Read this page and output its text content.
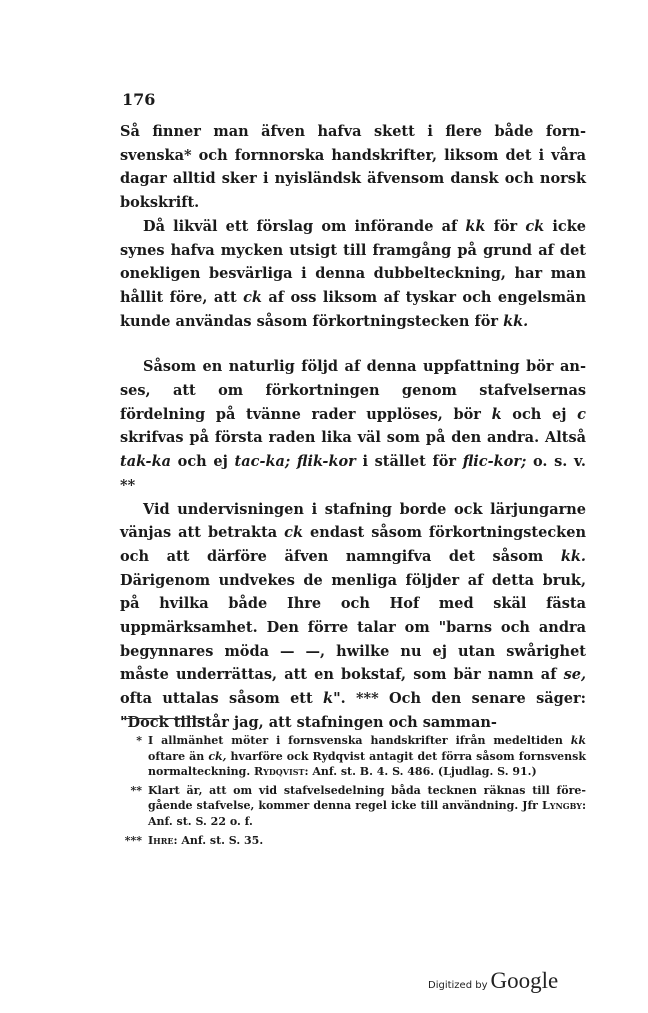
176

Så finner man äfven hafva skett i flere både forn-svenska* och fornnorska handskrifter, liksom det i våra dagar alltid sker i nyisländsk äfvensom dansk och norsk bokskrift.

Då likväl ett förslag om införande af kk för ck icke synes hafva mycken utsigt till framgång på grund af det onekligen besvärliga i denna dubbelteckning, har man hållit före, att ck af oss liksom af tyskar och engelsmän kunde användas såsom förkortningstecken för kk.

Såsom en naturlig följd af denna uppfattning bör an-ses, att om förkortningen genom stafvelsernas fördelning på tvänne rader upplöses, bör k och ej c skrifvas på första raden lika väl som på den andra. Altså tak-ka och ej tac-ka; flik-kor i stället för flic-kor; o. s. v. **

Vid undervisningen i stafning borde ock lärjungarne vänjas att betrakta ck endast såsom förkortningstecken och att därföre äfven namngifva det såsom kk. Därigenom undvekes de menliga följder af detta bruk, på hvilka både Ihre och Hof med skäl fästa uppmärksamhet. Den förre talar om "barns och andra begynnares möda — —, hwilke nu ej utan swårighet måste underrättas, att en bokstaf, som bär namn af se, ofta uttalas såsom ett k". *** Och den senare säger: "Dock tillstår jag, att stafningen och samman-

* I allmänhet möter i fornsvenska handskrifter ifrån medeltiden kk oftare än ck, hvarföre ock Rydqvist antagit det förra såsom fornsvensk normalteckning. Rydqvist: Anf. st. B. 4. S. 486. (Ljudlag. S. 91.)
** Klart är, att om vid stafvelsedelning båda tecknen räknas till före-gående stafvelse, kommer denna regel icke till användning. Jfr Lyngby: Anf. st. S. 22 o. f.
*** Ihre: Anf. st. S. 35.
Digitized by Google
